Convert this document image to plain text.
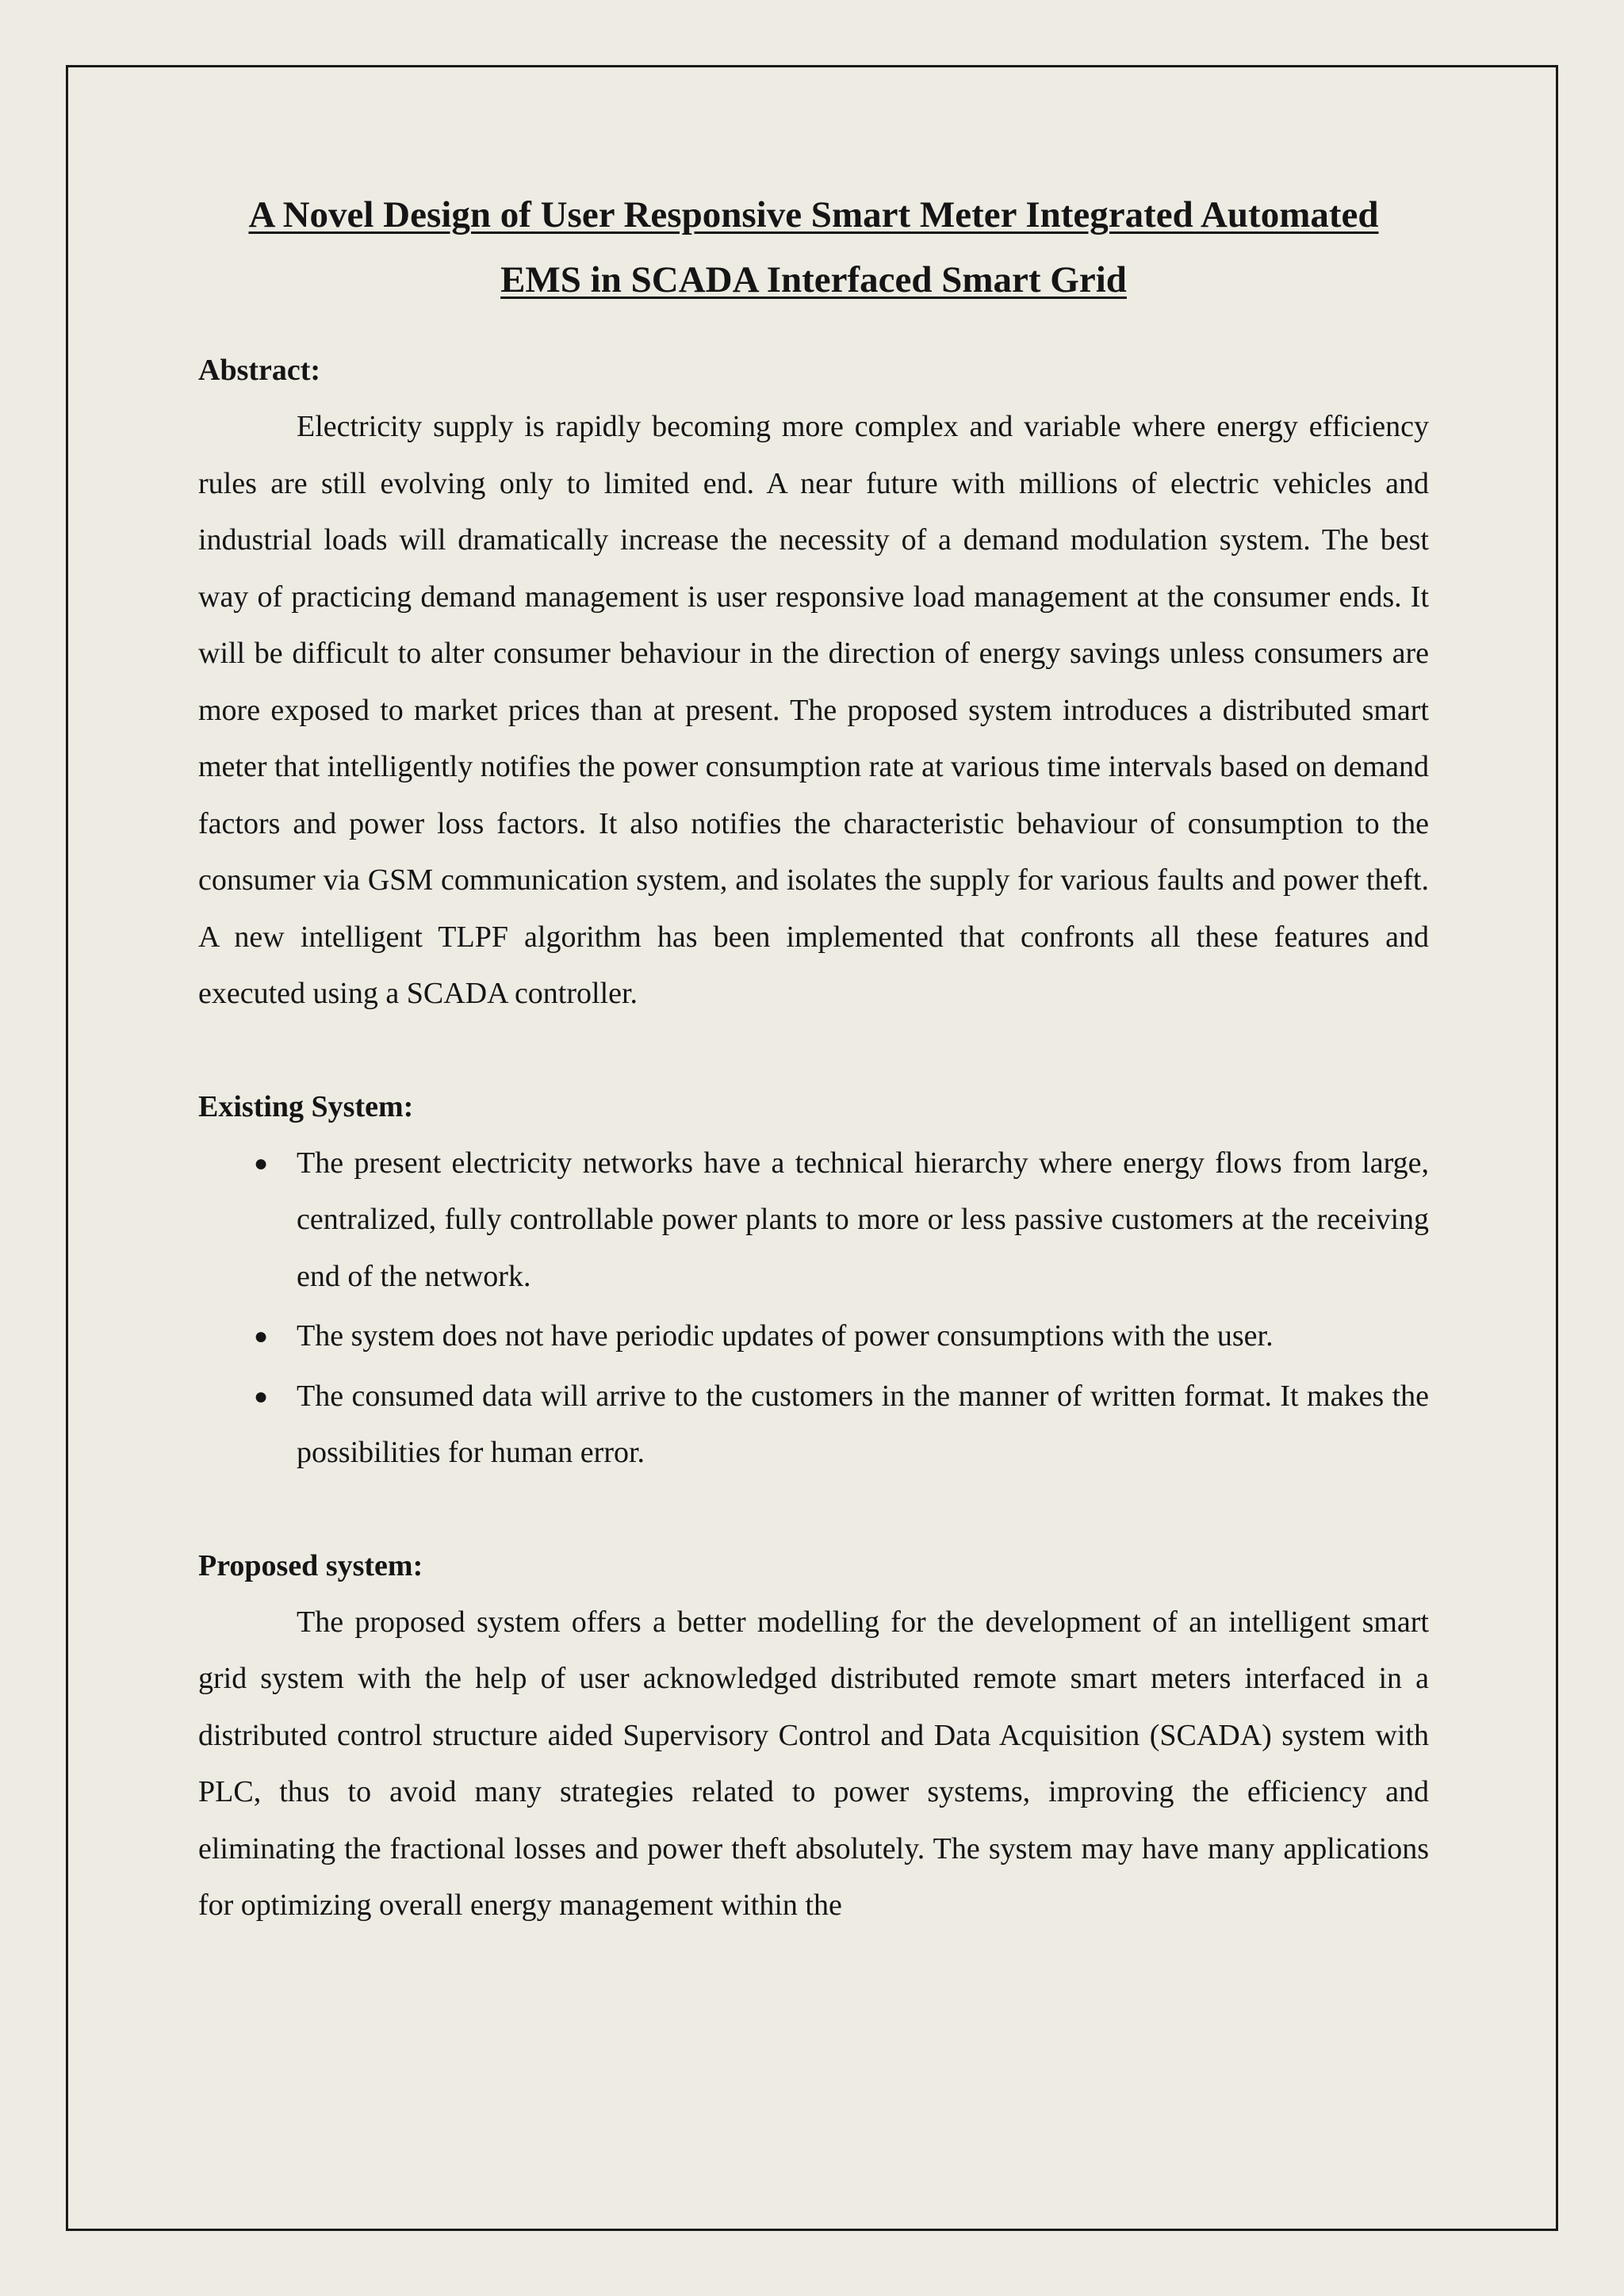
A Novel Design of User Responsive Smart Meter Integrated Automated
EMS in SCADA Interfaced Smart Grid

Abstract:

Electricity supply is rapidly becoming more complex and variable where energy efficiency rules are still evolving only to limited end. A near future with millions of electric vehicles and industrial loads will dramatically increase the necessity of a demand modulation system. The best way of practicing demand management is user responsive load management at the consumer ends. It will be difficult to alter consumer behaviour in the direction of energy savings unless consumers are more exposed to market prices than at present. The proposed system introduces a distributed smart meter that intelligently notifies the power consumption rate at various time intervals based on demand factors and power loss factors. It also notifies the characteristic behaviour of consumption to the consumer via GSM communication system, and isolates the supply for various faults and power theft. A new intelligent TLPF algorithm has been implemented that confronts all these features and executed using a SCADA controller.

Existing System:

● The present electricity networks have a technical hierarchy where energy flows from large, centralized, fully controllable power plants to more or less passive customers at the receiving end of the network.
● The system does not have periodic updates of power consumptions with the user.
● The consumed data will arrive to the customers in the manner of written format. It makes the possibilities for human error.

Proposed system:

The proposed system offers a better modelling for the development of an intelligent smart grid system with the help of user acknowledged distributed remote smart meters interfaced in a distributed control structure aided Supervisory Control and Data Acquisition (SCADA) system with PLC, thus to avoid many strategies related to power systems, improving the efficiency and eliminating the fractional losses and power theft absolutely. The system may have many applications for optimizing overall energy management within the
